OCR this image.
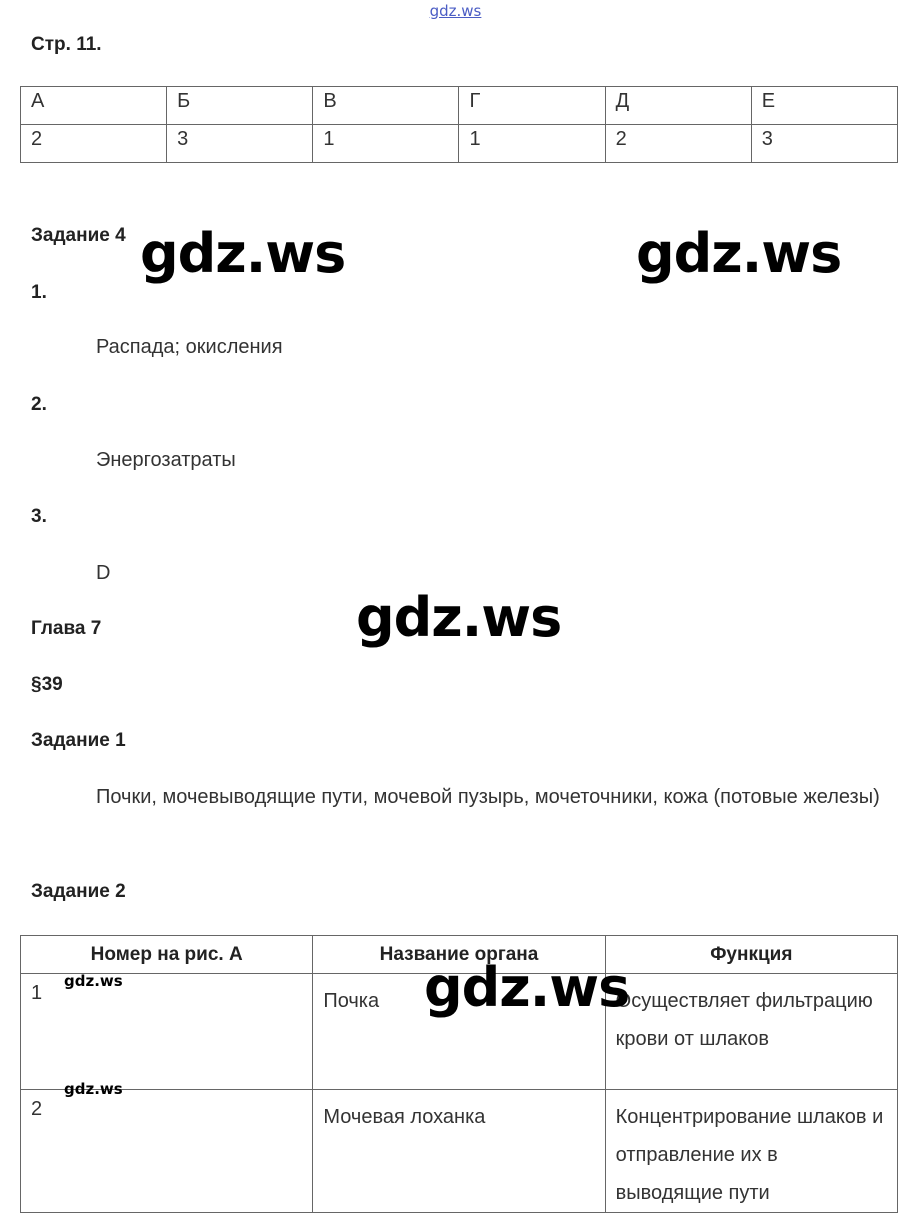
gdz.ws
Стр. 11.
А	Б	В	Г	Д	Е
2	3	1	1	2	3
Задание 4
1.
Распада; окисления
2.
Энергозатраты
3.
D
Глава 7
§39
Задание 1
Почки, мочевыводящие пути, мочевой пузырь, мочеточники, кожа (потовые железы)
Задание 2
Номер на рис. А	Название органа	Функция
1	Почка	Осуществляет фильтрацию крови от шлаков
2	Мочевая лоханка	Концентрирование шлаков и отправление их в выводящие пути
gdz.ws	gdz.ws
gdz.ws
gdz.ws
gdz.ws
gdz.ws
